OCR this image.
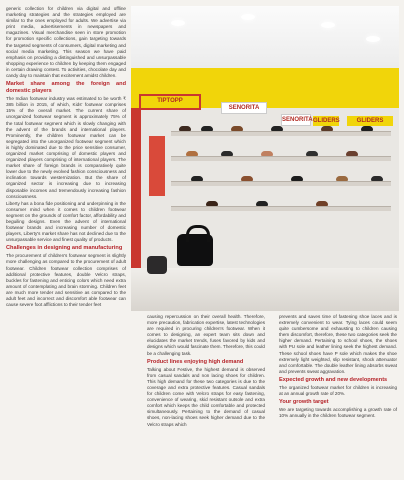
generic collection for children via digital and offline marketing strategies and the strategies employed are similar to the ones employed for adults. We advertise via print media, advertisements in newspapers and magazines. Visual merchandise seen in store promotion for promotion specific collections, gain targeting towards the targeted segments of consumers, digital marketing and social media marketing. This season we have paid emphasis on providing a distinguished and unsurpassable shopping experience to children by keeping them engaged in certain drawing contest. To activities, chocolate day and candy day to maintain that excitement amidst children.

Market share among the foreign and domestic players

The Indian footwear industry was estimated to be worth ₹ 385 billion in 2015, of which, Kids' footwear comprises 15% of the overall market. The current share of unorganized footwear segment is approximately 75% of the total footwear segment which is slowly changing with the advent of the brands and international players. Prominently, the children footwear market can be segregated into the unorganized footwear segment which is highly dominated due to the price sensitive consumer, organized market comprising of domestic players and organized players comprising of international players. The market share of foreign brands is comparatively quite lower due to the newly evolved fashion consciousness and inclination towards westernization. But the share of organized sector is increasing due to increasing disposable incomes and tremendously increasing fashion consciousness.

Liberty has a bona fide positioning and underpinning in the consumer mind when it comes to children footwear segment on the grounds of comfort factor, affordability and beguiling designs. Even the advent of international footwear brands and increasing number of domestic players, Liberty's market share has not declined due to the unsurpassable service and finest quality of products.

Challenges in designing and manufacturing

The procurement of children's footwear segment is slightly more challenging as compared to the procurement of adult footwear. Children footwear collection comprises of additional protective features, double Velcro straps, buckles for fastening and enticing colors which need extra amount of contemplating and brain storming. Children feet are much more tender and sensitive as compared to the adult feet and incorrect and discomfort able footwear can cause severe foot afflictions to their tender feet

TIPTOPP
SENORITA
SENORITA GLIDERS	GLIDERS

causing repercussion on their overall health. Therefore, more precaution, fabrication expertise, latest technologies are required in procuring children's footwear. When it comes to designing, an expert team sits down and elucidates the market trends, fuses favored by kids and designs which would fascinate them. Therefore, this could be a challenging task.

Product lines enjoying high demand

Talking about Festive, the highest demand is observed from casual sandals and non lacing shoes for children. This high demand for these two categories is due to the coverage and extra protective features. Casual sandals for children come with Velcro straps for easy fastening, convenience of wearing, skid resistant outsole and extra comfort which keeps the child comfortable and protected simultaneously. Pertaining to the demand of casual shoes, non-lacing shoes seek higher demand due to the Velcro straps which

prevents and saves time of fastening shoe laces and is extremely convenient to wear. Tying laces could seem quite cumbersome and exhausting to children causing them discomfort, therefore, these two categories seek the higher demand. Pertaining to school shoes, the shoes with PU sole and leather lining seek the highest demand. These school shoes have P sole which makes the shoe extremely light weighted, slip resistant, shock attenuator and comfortable. The double leather lining absorbs sweat and prevents sweat aggravation.

Expected growth and new developments

The organized footwear market for children is increasing at an annual growth rate of 20%.

Your growth target

We are targeting towards accomplishing a growth rate of 10% annually in the children footwear segment.
